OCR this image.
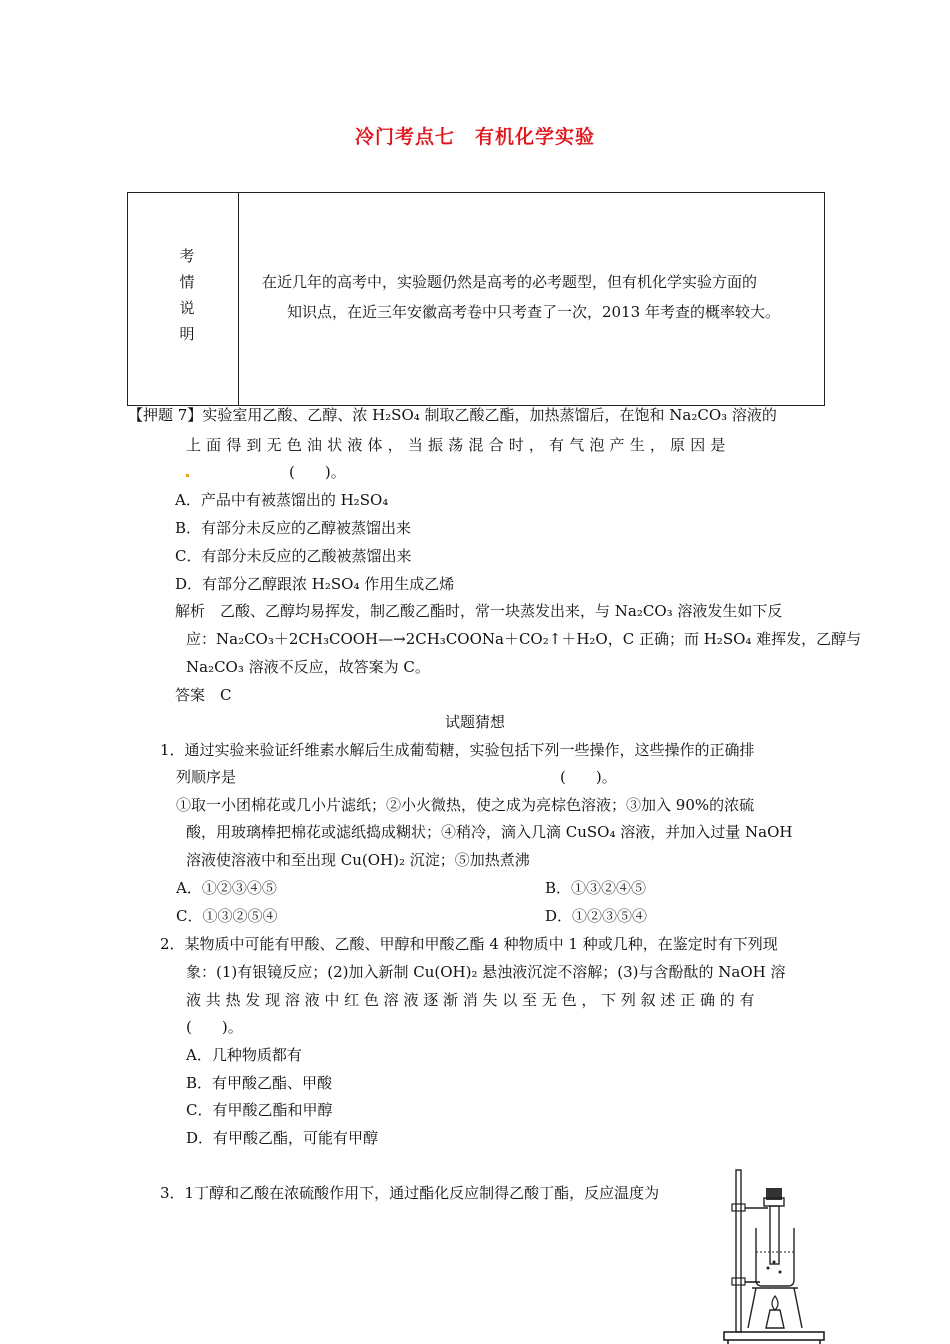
冷门考点七　有机化学实验
考
情
说
明
在近几年的高考中，实验题仍然是高考的必考题型，但有机化学实验方面的
知识点，在近三年安徽高考卷中只考查了一次，2013 年考查的概率较大。
【押题 7】实验室用乙酸、乙醇、浓 H₂SO₄ 制取乙酸乙酯，加热蒸馏后，在饱和 Na₂CO₃ 溶液的
上 面 得 到 无 色 油 状 液 体 ， 当 振 荡 混 合 时 ， 有 气 泡 产 生 ， 原 因 是
(　　)。
A．产品中有被蒸馏出的 H₂SO₄
B．有部分未反应的乙醇被蒸馏出来
C．有部分未反应的乙酸被蒸馏出来
D．有部分乙醇跟浓 H₂SO₄ 作用生成乙烯
解析　乙酸、乙醇均易挥发，制乙酸乙酯时，常一块蒸发出来，与 Na₂CO₃ 溶液发生如下反
应：Na₂CO₃＋2CH₃COOH—→2CH₃COONa＋CO₂↑＋H₂O，C 正确；而 H₂SO₄ 难挥发，乙醇与
Na₂CO₃ 溶液不反应，故答案为 C。
答案　C
试题猜想
1．通过实验来验证纤维素水解后生成葡萄糖，实验包括下列一些操作，这些操作的正确排
列顺序是	(　　)。
①取一小团棉花或几小片滤纸；②小火微热，使之成为亮棕色溶液；③加入 90%的浓硫
酸，用玻璃棒把棉花或滤纸捣成糊状；④稍冷，滴入几滴 CuSO₄ 溶液，并加入过量 NaOH
溶液使溶液中和至出现 Cu(OH)₂ 沉淀；⑤加热煮沸
A．①②③④⑤	B．①③②④⑤
C．①③②⑤④	D．①②③⑤④
2．某物质中可能有甲酸、乙酸、甲醇和甲酸乙酯 4 种物质中 1 种或几种，在鉴定时有下列现
象：(1)有银镜反应；(2)加入新制 Cu(OH)₂ 悬浊液沉淀不溶解；(3)与含酚酞的 NaOH 溶
液 共 热 发 现 溶 液 中 红 色 溶 液 逐 渐 消 失 以 至 无 色 ， 下 列 叙 述 正 确 的 有
(　　)。
A．几种物质都有
B．有甲酸乙酯、甲酸
C．有甲酸乙酯和甲醇
D．有甲酸乙酯，可能有甲醇
3．1丁醇和乙酸在浓硫酸作用下，通过酯化反应制得乙酸丁酯，反应温度为
